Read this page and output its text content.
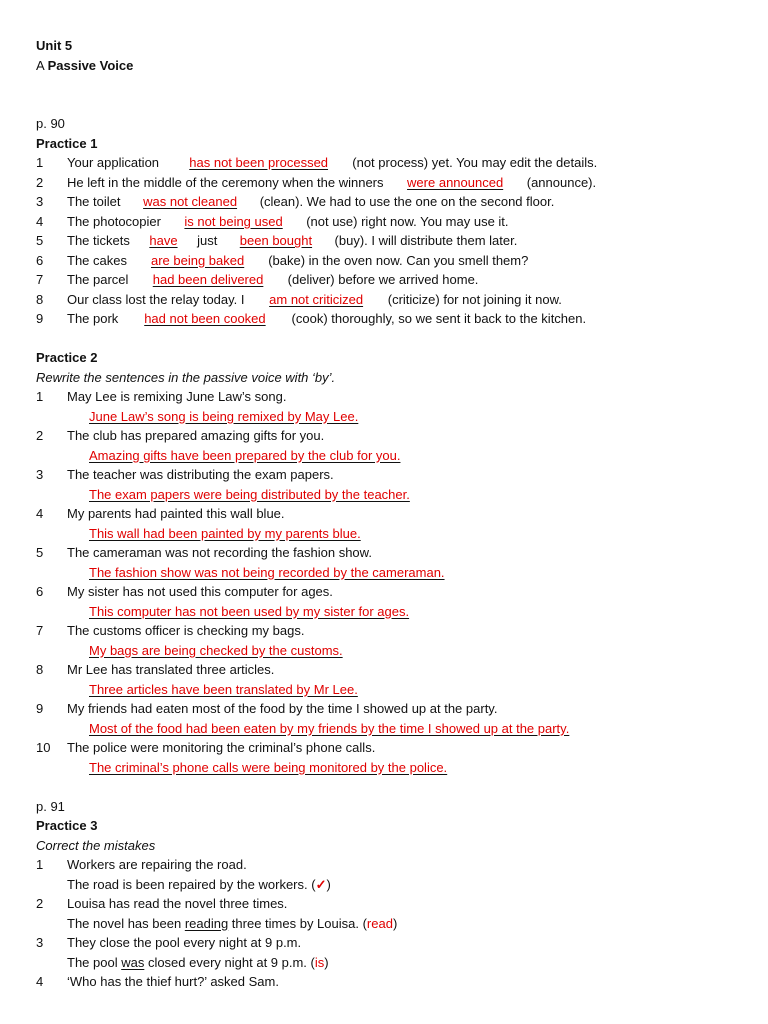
Unit 5
A Passive Voice
p. 90
Practice 1
1 Your application has not been processed (not process) yet. You may edit the details.
2 He left in the middle of the ceremony when the winners were announced (announce).
3 The toilet was not cleaned (clean). We had to use the one on the second floor.
4 The photocopier is not being used (not use) right now. You may use it.
5 The tickets have just been bought (buy). I will distribute them later.
6 The cakes are being baked (bake) in the oven now. Can you smell them?
7 The parcel had been delivered (deliver) before we arrived home.
8 Our class lost the relay today. I am not criticized (criticize) for not joining it now.
9 The pork had not been cooked (cook) thoroughly, so we sent it back to the kitchen.
Practice 2
Rewrite the sentences in the passive voice with ‘by’.
1 May Lee is remixing June Law’s song.
June Law’s song is being remixed by May Lee.
2 The club has prepared amazing gifts for you.
Amazing gifts have been prepared by the club for you.
3 The teacher was distributing the exam papers.
The exam papers were being distributed by the teacher.
4 My parents had painted this wall blue.
This wall had been painted by my parents blue.
5 The cameraman was not recording the fashion show.
The fashion show was not being recorded by the cameraman.
6 My sister has not used this computer for ages.
This computer has not been used by my sister for ages.
7 The customs officer is checking my bags.
My bags are being checked by the customs.
8 Mr Lee has translated three articles.
Three articles have been translated by Mr Lee.
9 My friends had eaten most of the food by the time I showed up at the party.
Most of the food had been eaten by my friends by the time I showed up at the party.
10 The police were monitoring the criminal’s phone calls.
The criminal’s phone calls were being monitored by the police.
p. 91
Practice 3
Correct the mistakes
1 Workers are repairing the road.
The road is been repaired by the workers. (✓)
2 Louisa has read the novel three times.
The novel has been reading three times by Louisa. (read)
3 They close the pool every night at 9 p.m.
The pool was closed every night at 9 p.m. (is)
4 ‘Who has the thief hurt?’ asked Sam.
